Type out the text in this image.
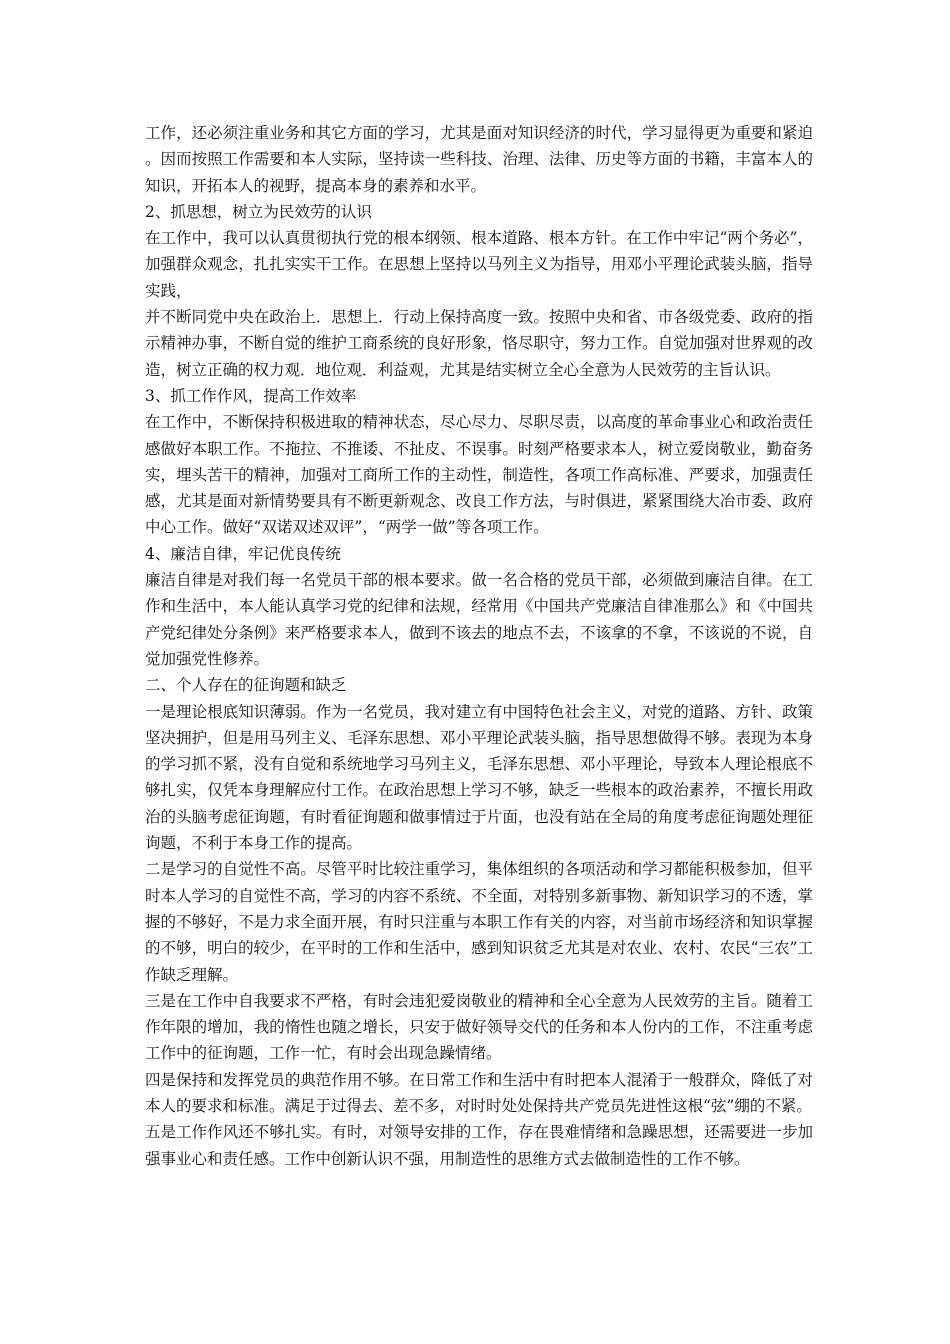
工作，还必须注重业务和其它方面的学习，尤其是面对知识经济的时代，学习显得更为重要和紧迫。因而按照工作需要和本人实际，坚持读一些科技、治理、法律、历史等方面的书籍，丰富本人的知识，开拓本人的视野，提高本身的素养和水平。

2、抓思想，树立为民效劳的认识

在工作中，我可以认真贯彻执行党的根本纲领、根本道路、根本方针。在工作中牢记“两个务必”，加强群众观念，扎扎实实干工作。在思想上坚持以马列主义为指导，用邓小平理论武装头脑，指导实践，

并不断同党中央在政治上．思想上．行动上保持高度一致。按照中央和省、市各级党委、政府的指示精神办事，不断自觉的维护工商系统的良好形象，恪尽职守，努力工作。自觉加强对世界观的改造，树立正确的权力观．地位观．利益观，尤其是结实树立全心全意为人民效劳的主旨认识。

3、抓工作作风，提高工作效率

在工作中，不断保持积极进取的精神状态，尽心尽力、尽职尽责，以高度的革命事业心和政治责任感做好本职工作。不拖拉、不推诿、不扯皮、不误事。时刻严格要求本人，树立爱岗敬业，勤奋务实，埋头苦干的精神，加强对工商所工作的主动性，制造性，各项工作高标准、严要求，加强责任感，尤其是面对新情势要具有不断更新观念、改良工作方法，与时俱进，紧紧围绕大冶市委、政府中心工作。做好“双诺双述双评”，“两学一做”等各项工作。

4、廉洁自律，牢记优良传统

廉洁自律是对我们每一名党员干部的根本要求。做一名合格的党员干部，必须做到廉洁自律。在工作和生活中，本人能认真学习党的纪律和法规，经常用《中国共产党廉洁自律准那么》和《中国共产党纪律处分条例》来严格要求本人，做到不该去的地点不去，不该拿的不拿，不该说的不说，自觉加强党性修养。

二、个人存在的征询题和缺乏

一是理论根底知识薄弱。作为一名党员，我对建立有中国特色社会主义，对党的道路、方针、政策坚决拥护，但是用马列主义、毛泽东思想、邓小平理论武装头脑，指导思想做得不够。表现为本身的学习抓不紧，没有自觉和系统地学习马列主义，毛泽东思想、邓小平理论，导致本人理论根底不够扎实，仅凭本身理解应付工作。在政治思想上学习不够，缺乏一些根本的政治素养，不擅长用政治的头脑考虑征询题，有时看征询题和做事情过于片面，也没有站在全局的角度考虑征询题处理征询题，不利于本身工作的提高。

二是学习的自觉性不高。尽管平时比较注重学习，集体组织的各项活动和学习都能积极参加，但平时本人学习的自觉性不高，学习的内容不系统、不全面，对特别多新事物、新知识学习的不透，掌握的不够好，不是力求全面开展，有时只注重与本职工作有关的内容，对当前市场经济和知识掌握的不够，明白的较少，在平时的工作和生活中，感到知识贫乏尤其是对农业、农村、农民“三农”工作缺乏理解。

三是在工作中自我要求不严格，有时会违犯爱岗敬业的精神和全心全意为人民效劳的主旨。随着工作年限的增加，我的惰性也随之增长，只安于做好领导交代的任务和本人份内的工作，不注重考虑工作中的征询题，工作一忙，有时会出现急躁情绪。

四是保持和发挥党员的典范作用不够。在日常工作和生活中有时把本人混淆于一般群众，降低了对本人的要求和标准。满足于过得去、差不多，对时时处处保持共产党员先进性这根“弦”绷的不紧。

五是工作作风还不够扎实。有时，对领导安排的工作，存在畏难情绪和急躁思想，还需要进一步加强事业心和责任感。工作中创新认识不强，用制造性的思维方式去做制造性的工作不够。
